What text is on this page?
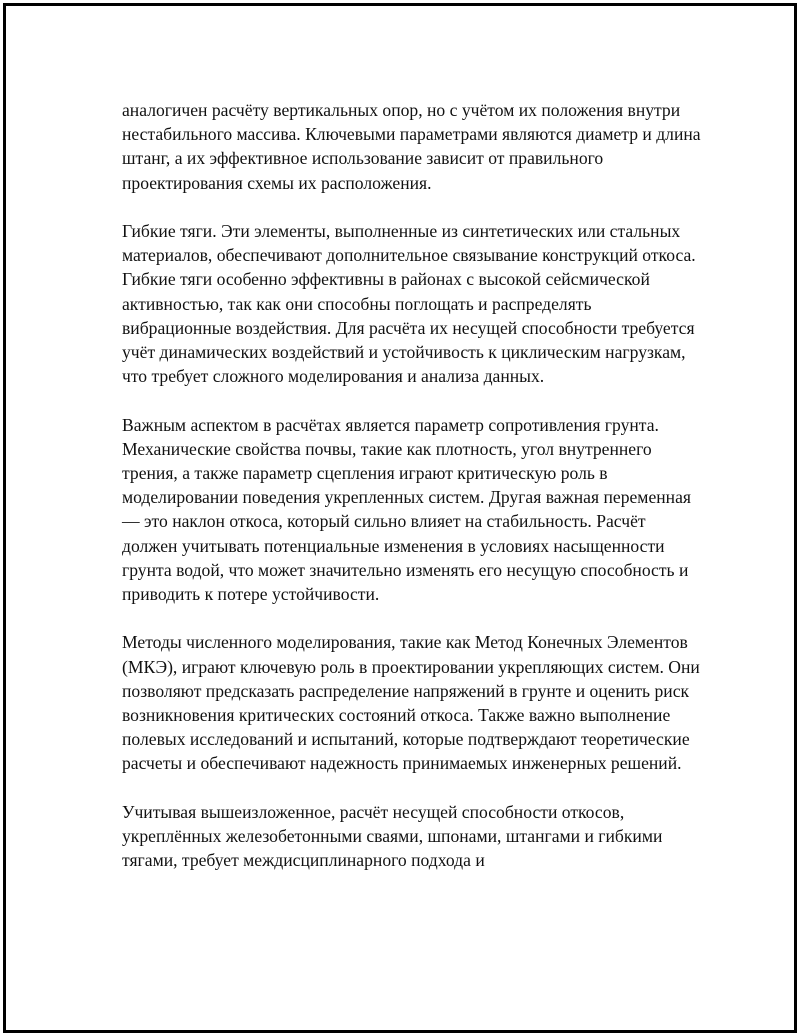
аналогичен расчёту вертикальных опор, но с учётом их положения внутри нестабильного массива. Ключевыми параметрами являются диаметр и длина штанг, а их эффективное использование зависит от правильного проектирования схемы их расположения.

Гибкие тяги. Эти элементы, выполненные из синтетических или стальных материалов, обеспечивают дополнительное связывание конструкций откоса. Гибкие тяги особенно эффективны в районах с высокой сейсмической активностью, так как они способны поглощать и распределять вибрационные воздействия. Для расчёта их несущей способности требуется учёт динамических воздействий и устойчивость к циклическим нагрузкам, что требует сложного моделирования и анализа данных.

Важным аспектом в расчётах является параметр сопротивления грунта. Механические свойства почвы, такие как плотность, угол внутреннего трения, а также параметр сцепления играют критическую роль в моделировании поведения укрепленных систем. Другая важная переменная — это наклон откоса, который сильно влияет на стабильность. Расчёт должен учитывать потенциальные изменения в условиях насыщенности грунта водой, что может значительно изменять его несущую способность и приводить к потере устойчивости.

Методы численного моделирования, такие как Метод Конечных Элементов (МКЭ), играют ключевую роль в проектировании укрепляющих систем. Они позволяют предсказать распределение напряжений в грунте и оценить риск возникновения критических состояний откоса. Также важно выполнение полевых исследований и испытаний, которые подтверждают теоретические расчеты и обеспечивают надежность принимаемых инженерных решений.

Учитывая вышеизложенное, расчёт несущей способности откосов, укреплённых железобетонными сваями, шпонами, штангами и гибкими тягами, требует междисциплинарного подхода и
